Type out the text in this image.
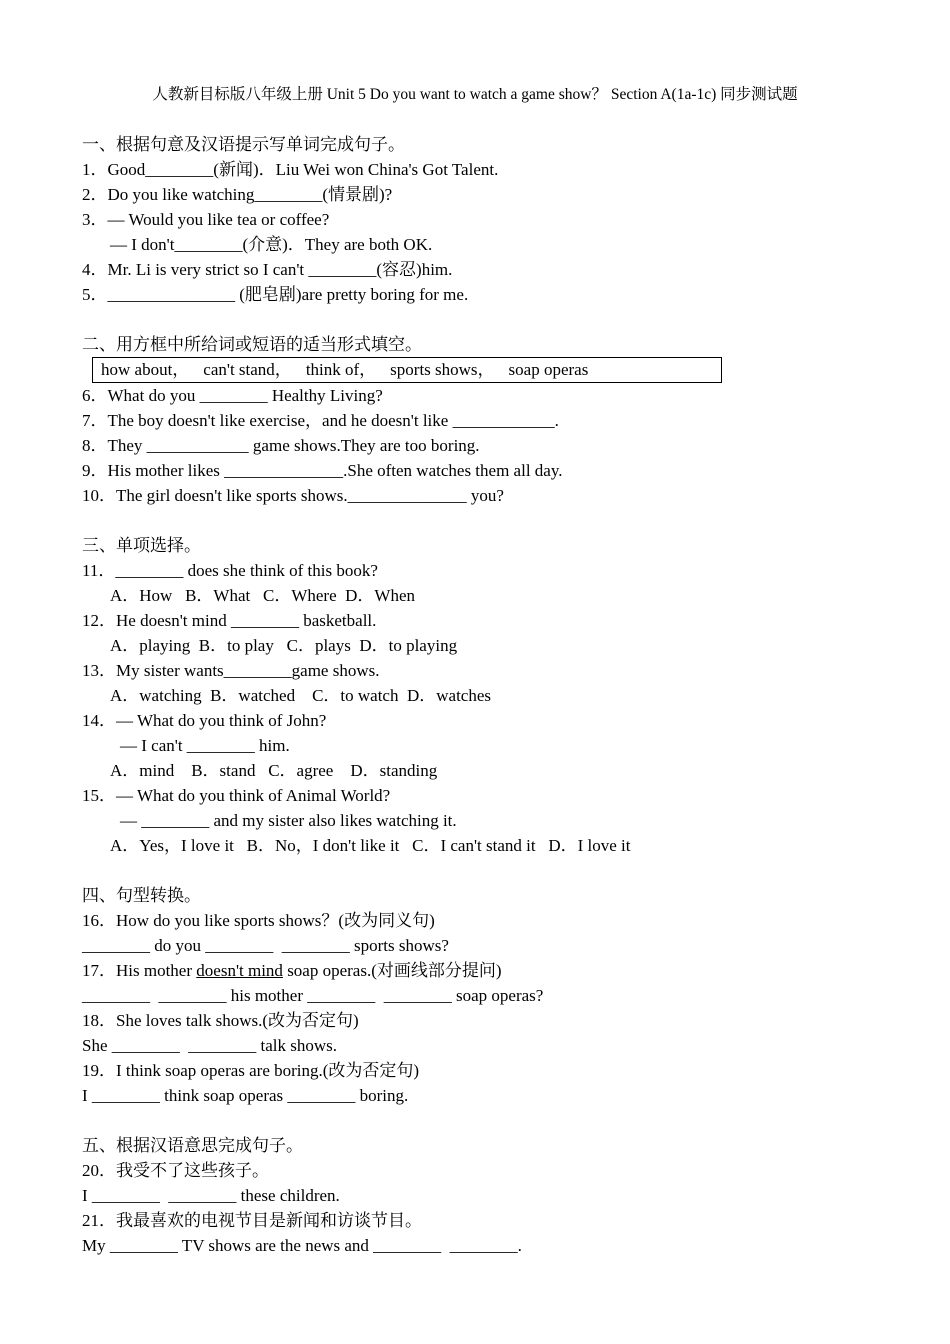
人教新目标版八年级上册 Unit 5 Do you want to watch a game show？ Section A(1a-1c) 同步测试题
一、根据句意及汉语提示写单词完成句子。
1．Good________(新闻)．Liu Wei won China's Got Talent.
2．Do you like watching________(情景剧)?
3．— Would you like tea or coffee?
— I don't________(介意)．They are both OK.
4．Mr. Li is very strict so I can't ________(容忍)him.
5．_______________ (肥皂剧)are pretty boring for me.
二、用方框中所给词或短语的适当形式填空。
how about， can't stand， think of， sports shows， soap operas
6．What do you ________ Healthy Living?
7．The boy doesn't like exercise，and he doesn't like ____________.
8．They ____________ game shows.They are too boring.
9．His mother likes ______________.She often watches them all day.
10．The girl doesn't like sports shows.______________ you?
三、单项选择。
11．________ does she think of this book?
A．How   B．What   C．Where  D．When
12．He doesn't mind ________ basketball.
A．playing  B．to play   C．plays  D．to playing
13．My sister wants________game shows.
A．watching  B．watched    C．to watch  D．watches
14．— What do you think of John?
— I can't ________ him.
A．mind    B．stand   C．agree    D．standing
15．— What do you think of Animal World?
— ________ and my sister also likes watching it.
A．Yes，I love it   B．No，I don't like it   C．I can't stand it   D．I love it
四、句型转换。
16．How do you like sports shows？(改为同义句)
________ do you ________  ________ sports shows?
17．His mother doesn't mind soap operas.(对画线部分提问)
________  ________ his mother ________  ________ soap operas?
18．She loves talk shows.(改为否定句)
She ________  ________ talk shows.
19．I think soap operas are boring.(改为否定句)
I ________ think soap operas ________ boring.
五、根据汉语意思完成句子。
20．我受不了这些孩子。
I ________  ________ these children.
21．我最喜欢的电视节目是新闻和访谈节目。
My ________ TV shows are the news and ________  ________.
